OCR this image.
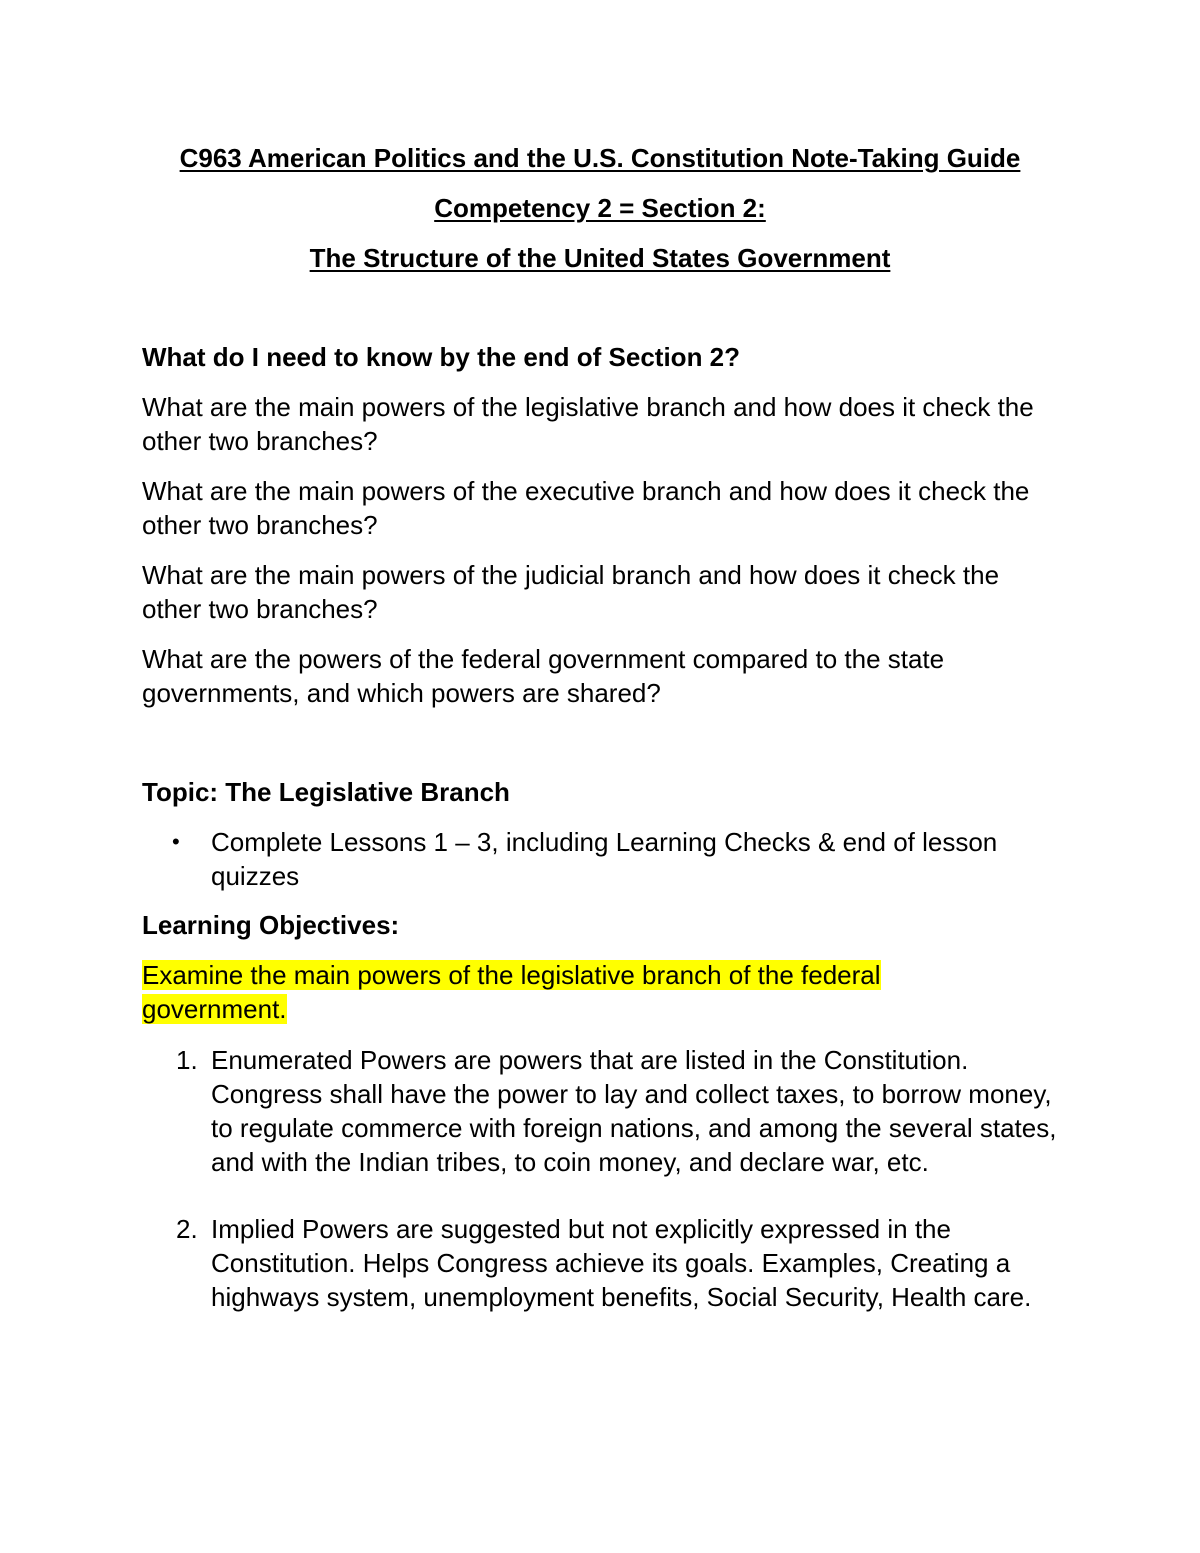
C963 American Politics and the U.S. Constitution Note-Taking Guide
Competency 2 = Section 2:
The Structure of the United States Government
What do I need to know by the end of Section 2?
What are the main powers of the legislative branch and how does it check the other two branches?
What are the main powers of the executive branch and how does it check the other two branches?
What are the main powers of the judicial branch and how does it check the other two branches?
What are the powers of the federal government compared to the state governments, and which powers are shared?
Topic: The Legislative Branch
• Complete Lessons 1 – 3, including Learning Checks & end of lesson quizzes
Learning Objectives:
Examine the main powers of the legislative branch of the federal government.
1. Enumerated Powers are powers that are listed in the Constitution. Congress shall have the power to lay and collect taxes, to borrow money, to regulate commerce with foreign nations, and among the several states, and with the Indian tribes, to coin money, and declare war, etc.
2. Implied Powers are suggested but not explicitly expressed in the Constitution. Helps Congress achieve its goals. Examples, Creating a highways system, unemployment benefits, Social Security, Health care.
